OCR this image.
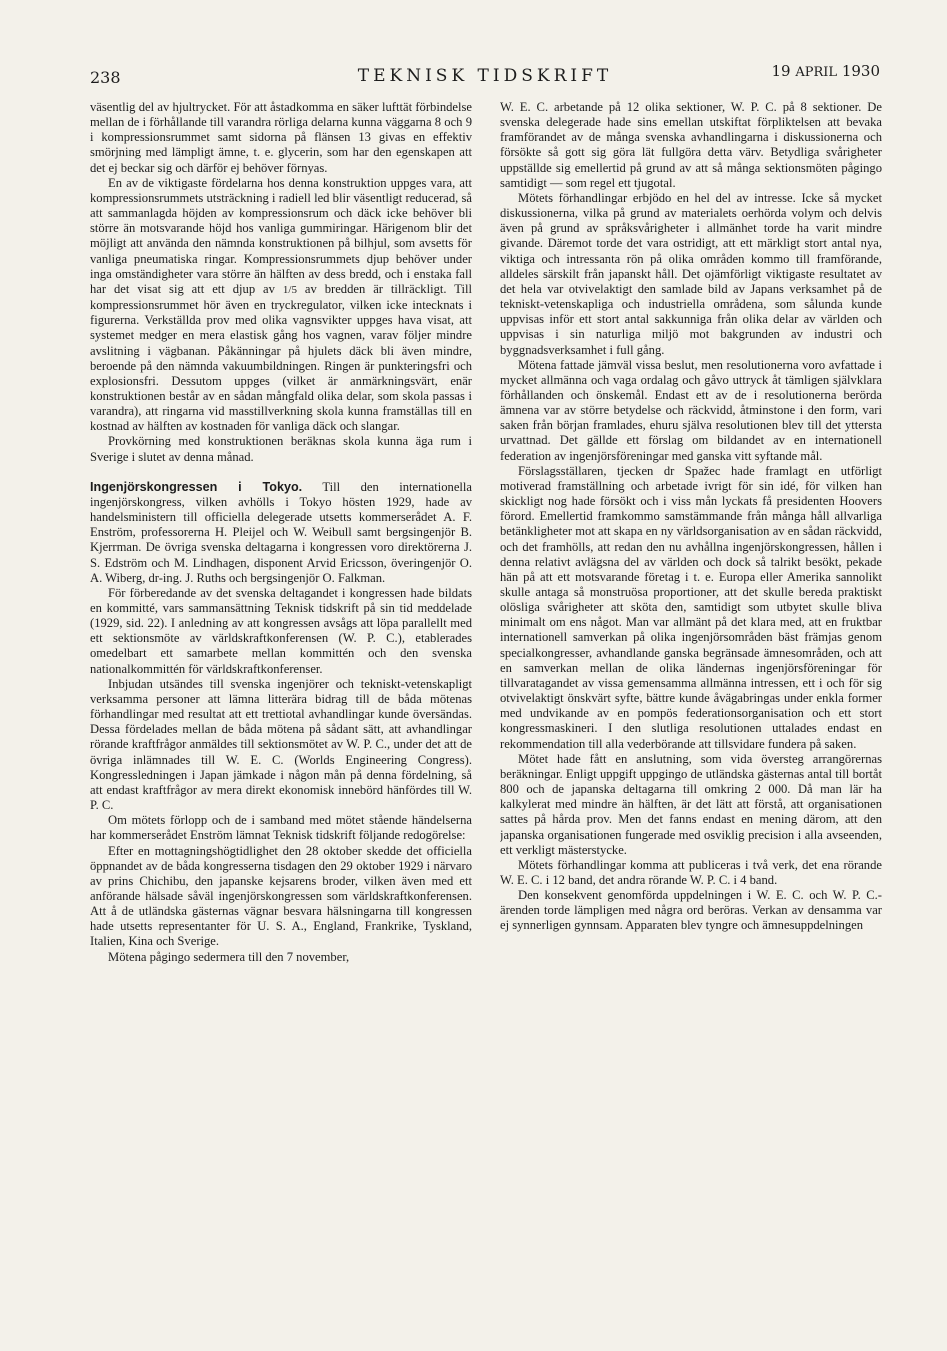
238	TEKNISK TIDSKRIFT	19 APRIL 1930

väsentlig del av hjultrycket. För att åstadkomma en säker lufttät förbindelse mellan de i förhållande till varandra rörliga delarna kunna väggarna 8 och 9 i kompressionsrummet samt sidorna på flänsen 13 givas en effektiv smörjning med lämpligt ämne, t. e. glycerin, som har den egenskapen att det ej beckar sig och därför ej behöver förnyas.

En av de viktigaste fördelarna hos denna konstruktion uppges vara, att kompressionsrummets utsträckning i radiell led blir väsentligt reducerad, så att sammanlagda höjden av kompressionsrum och däck icke behöver bli större än motsvarande höjd hos vanliga gummiringar. Härigenom blir det möjligt att använda den nämnda konstruktionen på bilhjul, som avsetts för vanliga pneumatiska ringar. Kompressionsrummets djup behöver under inga omständigheter vara större än hälften av dess bredd, och i enstaka fall har det visat sig att ett djup av 1/5 av bredden är tillräckligt. Till kompressionsrummet hör även en tryckregulator, vilken icke intecknats i figurerna. Verkställda prov med olika vagnsvikter uppges hava visat, att systemet medger en mera elastisk gång hos vagnen, varav följer mindre avslitning i vägbanan. Påkänningar på hjulets däck bli även mindre, beroende på den nämnda vakuumbildningen. Ringen är punkteringsfri och explosionsfri. Dessutom uppges (vilket är anmärkningsvärt, enär konstruktionen består av en sådan mångfald olika delar, som skola passas i varandra), att ringarna vid masstillverkning skola kunna framställas till en kostnad av hälften av kostnaden för vanliga däck och slangar.

Provkörning med konstruktionen beräknas skola kunna äga rum i Sverige i slutet av denna månad.

Ingenjörskongressen i Tokyo. Till den internationella ingenjörskongress, vilken avhölls i Tokyo hösten 1929, hade av handelsministern till officiella delegerade utsetts kommerserådet A. F. Enström, professorerna H. Pleijel och W. Weibull samt bergsingenjör B. Kjerrman. De övriga svenska deltagarna i kongressen voro direktörerna J. S. Edström och M. Lindhagen, disponent Arvid Ericsson, överingenjör O. A. Wiberg, dr-ing. J. Ruths och bergsingenjör O. Falkman.

För förberedande av det svenska deltagandet i kongressen hade bildats en kommitté, vars sammansättning Teknisk tidskrift på sin tid meddelade (1929, sid. 22). I anledning av att kongressen avsågs att löpa parallellt med ett sektionsmöte av världskraftkonferensen (W. P. C.), etablerades omedelbart ett samarbete mellan kommittén och den svenska nationalkommittén för världskraftkonferenser.

Inbjudan utsändes till svenska ingenjörer och tekniskt-vetenskapligt verksamma personer att lämna litterära bidrag till de båda mötenas förhandlingar med resultat att ett trettiotal avhandlingar kunde översändas. Dessa fördelades mellan de båda mötena på sådant sätt, att avhandlingar rörande kraftfrågor anmäldes till sektionsmötet av W. P. C., under det att de övriga inlämnades till W. E. C. (Worlds Engineering Congress). Kongressledningen i Japan jämkade i någon mån på denna fördelning, så att endast kraftfrågor av mera direkt ekonomisk innebörd hänfördes till W. P. C.

Om mötets förlopp och de i samband med mötet stående händelserna har kommerserådet Enström lämnat Teknisk tidskrift följande redogörelse:

Efter en mottagningshögtidlighet den 28 oktober skedde det officiella öppnandet av de båda kongresserna tisdagen den 29 oktober 1929 i närvaro av prins Chichibu, den japanske kejsarens broder, vilken även med ett anförande hälsade såväl ingenjörskongressen som världskraftkonferensen. Att å de utländska gästernas vägnar besvara hälsningarna till kongressen hade utsetts representanter för U. S. A., England, Frankrike, Tyskland, Italien, Kina och Sverige.

Mötena pågingo sedermera till den 7 november,

W. E. C. arbetande på 12 olika sektioner, W. P. C. på 8 sektioner. De svenska delegerade hade sins emellan utskiftat förpliktelsen att bevaka framförandet av de många svenska avhandlingarna i diskussionerna och försökte så gott sig göra lät fullgöra detta värv. Betydliga svårigheter uppställde sig emellertid på grund av att så många sektionsmöten pågingo samtidigt — som regel ett tjugotal.

Mötets förhandlingar erbjödo en hel del av intresse. Icke så mycket diskussionerna, vilka på grund av materialets oerhörda volym och delvis även på grund av språksvårigheter i allmänhet torde ha varit mindre givande. Däremot torde det vara ostridigt, att ett märkligt stort antal nya, viktiga och intressanta rön på olika områden kommo till framförande, alldeles särskilt från japanskt håll. Det ojämförligt viktigaste resultatet av det hela var otvivelaktigt den samlade bild av Japans verksamhet på de tekniskt-vetenskapliga och industriella områdena, som sålunda kunde uppvisas inför ett stort antal sakkunniga från olika delar av världen och uppvisas i sin naturliga miljö mot bakgrunden av industri och byggnadsverksamhet i full gång.

Mötena fattade jämväl vissa beslut, men resolutionerna voro avfattade i mycket allmänna och vaga ordalag och gåvo uttryck åt tämligen självklara förhållanden och önskemål. Endast ett av de i resolutionerna berörda ämnena var av större betydelse och räckvidd, åtminstone i den form, vari saken från början framlades, ehuru själva resolutionen blev till det yttersta urvattnad. Det gällde ett förslag om bildandet av en internationell federation av ingenjörsföreningar med ganska vitt syftande mål.

Förslagsställaren, tjecken dr Spažec hade framlagt en utförligt motiverad framställning och arbetade ivrigt för sin idé, för vilken han skickligt nog hade försökt och i viss mån lyckats få presidenten Hoovers förord. Emellertid framkommo samstämmande från många håll allvarliga betänkligheter mot att skapa en ny världsorganisation av en sådan räckvidd, och det framhölls, att redan den nu avhållna ingenjörskongressen, hållen i denna relativt avlägsna del av världen och dock så talrikt besökt, pekade hän på att ett motsvarande företag i t. e. Europa eller Amerika sannolikt skulle antaga så monstruösa proportioner, att det skulle bereda praktiskt olösliga svårigheter att sköta den, samtidigt som utbytet skulle bliva minimalt om ens något. Man var allmänt på det klara med, att en fruktbar internationell samverkan på olika ingenjörsområden bäst främjas genom specialkongresser, avhandlande ganska begränsade ämnesområden, och att en samverkan mellan de olika ländernas ingenjörsföreningar för tillvaratagandet av vissa gemensamma allmänna intressen, ett i och för sig otvivelaktigt önskvärt syfte, bättre kunde åvägabringas under enkla former med undvikande av en pompös federationsorganisation och ett stort kongressmaskineri. I den slutliga resolutionen uttalades endast en rekommendation till alla vederbörande att tillsvidare fundera på saken.

Mötet hade fått en anslutning, som vida översteg arrangörernas beräkningar. Enligt uppgift uppgingo de utländska gästernas antal till bortåt 800 och de japanska deltagarna till omkring 2 000. Då man lär ha kalkylerat med mindre än hälften, är det lätt att förstå, att organisationen sattes på hårda prov. Men det fanns endast en mening därom, att den japanska organisationen fungerade med osviklig precision i alla avseenden, ett verkligt mästerstycke.

Mötets förhandlingar komma att publiceras i två verk, det ena rörande W. E. C. i 12 band, det andra rörande W. P. C. i 4 band.

Den konsekvent genomförda uppdelningen i W. E. C. och W. P. C.-ärenden torde lämpligen med några ord beröras. Verkan av densamma var ej synnerligen gynnsam. Apparaten blev tyngre och ämnesuppdelningen
